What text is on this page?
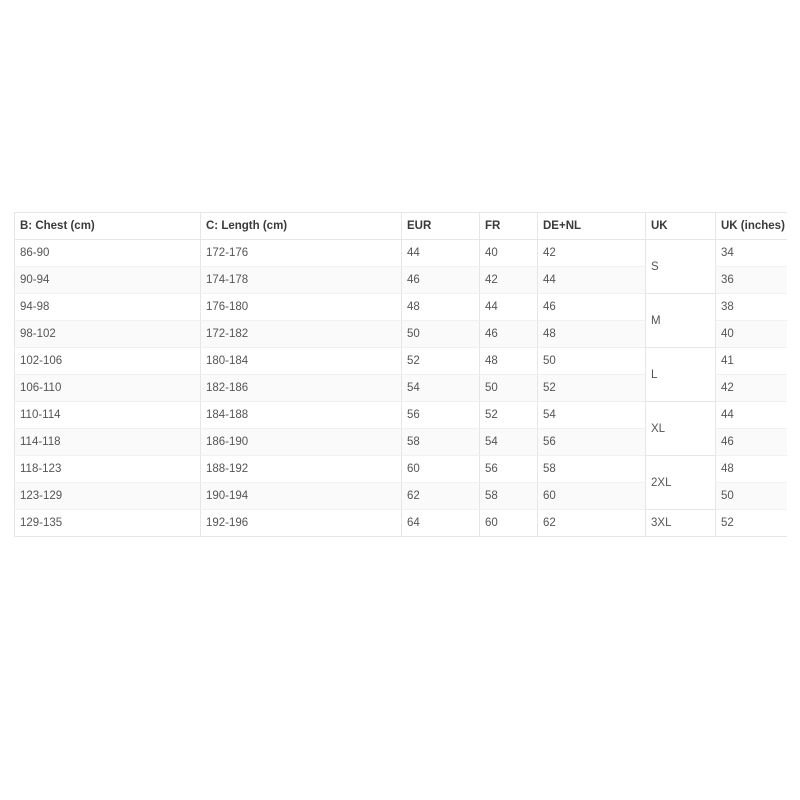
B: Chest (cm)	C: Length (cm)	EUR	FR	DE+NL	UK	UK (inches)
86-90	172-176	44	40	42	S	34
90-94	174-178	46	42	44		36
94-98	176-180	48	44	46	M	38
98-102	172-182	50	46	48		40
102-106	180-184	52	48	50	L	41
106-110	182-186	54	50	52		42
110-114	184-188	56	52	54	XL	44
114-118	186-190	58	54	56		46
118-123	188-192	60	56	58	2XL	48
123-129	190-194	62	58	60		50
129-135	192-196	64	60	62	3XL	52
